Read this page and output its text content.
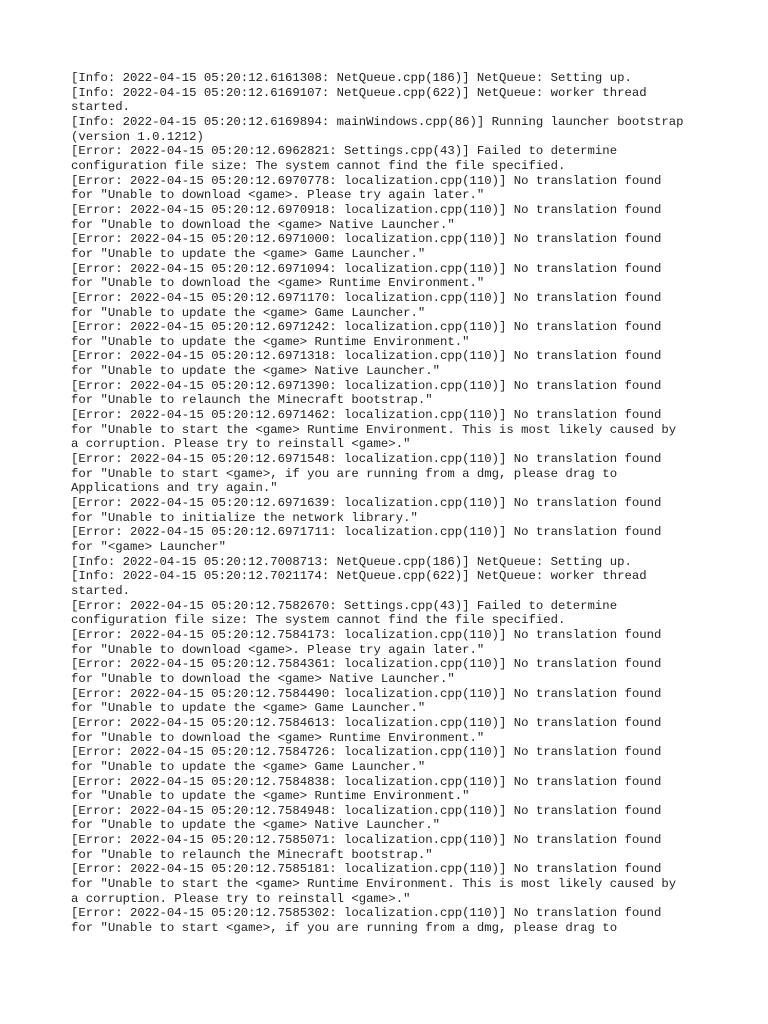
[Info: 2022-04-15 05:20:12.6161308: NetQueue.cpp(186)] NetQueue: Setting up.
[Info: 2022-04-15 05:20:12.6169107: NetQueue.cpp(622)] NetQueue: worker thread
started.
[Info: 2022-04-15 05:20:12.6169894: mainWindows.cpp(86)] Running launcher bootstrap
(version 1.0.1212)
[Error: 2022-04-15 05:20:12.6962821: Settings.cpp(43)] Failed to determine
configuration file size: The system cannot find the file specified.
[Error: 2022-04-15 05:20:12.6970778: localization.cpp(110)] No translation found
for "Unable to download <game>. Please try again later."
[Error: 2022-04-15 05:20:12.6970918: localization.cpp(110)] No translation found
for "Unable to download the <game> Native Launcher."
[Error: 2022-04-15 05:20:12.6971000: localization.cpp(110)] No translation found
for "Unable to update the <game> Game Launcher."
[Error: 2022-04-15 05:20:12.6971094: localization.cpp(110)] No translation found
for "Unable to download the <game> Runtime Environment."
[Error: 2022-04-15 05:20:12.6971170: localization.cpp(110)] No translation found
for "Unable to update the <game> Game Launcher."
[Error: 2022-04-15 05:20:12.6971242: localization.cpp(110)] No translation found
for "Unable to update the <game> Runtime Environment."
[Error: 2022-04-15 05:20:12.6971318: localization.cpp(110)] No translation found
for "Unable to update the <game> Native Launcher."
[Error: 2022-04-15 05:20:12.6971390: localization.cpp(110)] No translation found
for "Unable to relaunch the Minecraft bootstrap."
[Error: 2022-04-15 05:20:12.6971462: localization.cpp(110)] No translation found
for "Unable to start the <game> Runtime Environment. This is most likely caused by
a corruption. Please try to reinstall <game>."
[Error: 2022-04-15 05:20:12.6971548: localization.cpp(110)] No translation found
for "Unable to start <game>, if you are running from a dmg, please drag to
Applications and try again."
[Error: 2022-04-15 05:20:12.6971639: localization.cpp(110)] No translation found
for "Unable to initialize the network library."
[Error: 2022-04-15 05:20:12.6971711: localization.cpp(110)] No translation found
for "<game> Launcher"
[Info: 2022-04-15 05:20:12.7008713: NetQueue.cpp(186)] NetQueue: Setting up.
[Info: 2022-04-15 05:20:12.7021174: NetQueue.cpp(622)] NetQueue: worker thread
started.
[Error: 2022-04-15 05:20:12.7582670: Settings.cpp(43)] Failed to determine
configuration file size: The system cannot find the file specified.
[Error: 2022-04-15 05:20:12.7584173: localization.cpp(110)] No translation found
for "Unable to download <game>. Please try again later."
[Error: 2022-04-15 05:20:12.7584361: localization.cpp(110)] No translation found
for "Unable to download the <game> Native Launcher."
[Error: 2022-04-15 05:20:12.7584490: localization.cpp(110)] No translation found
for "Unable to update the <game> Game Launcher."
[Error: 2022-04-15 05:20:12.7584613: localization.cpp(110)] No translation found
for "Unable to download the <game> Runtime Environment."
[Error: 2022-04-15 05:20:12.7584726: localization.cpp(110)] No translation found
for "Unable to update the <game> Game Launcher."
[Error: 2022-04-15 05:20:12.7584838: localization.cpp(110)] No translation found
for "Unable to update the <game> Runtime Environment."
[Error: 2022-04-15 05:20:12.7584948: localization.cpp(110)] No translation found
for "Unable to update the <game> Native Launcher."
[Error: 2022-04-15 05:20:12.7585071: localization.cpp(110)] No translation found
for "Unable to relaunch the Minecraft bootstrap."
[Error: 2022-04-15 05:20:12.7585181: localization.cpp(110)] No translation found
for "Unable to start the <game> Runtime Environment. This is most likely caused by
a corruption. Please try to reinstall <game>."
[Error: 2022-04-15 05:20:12.7585302: localization.cpp(110)] No translation found
for "Unable to start <game>, if you are running from a dmg, please drag to
